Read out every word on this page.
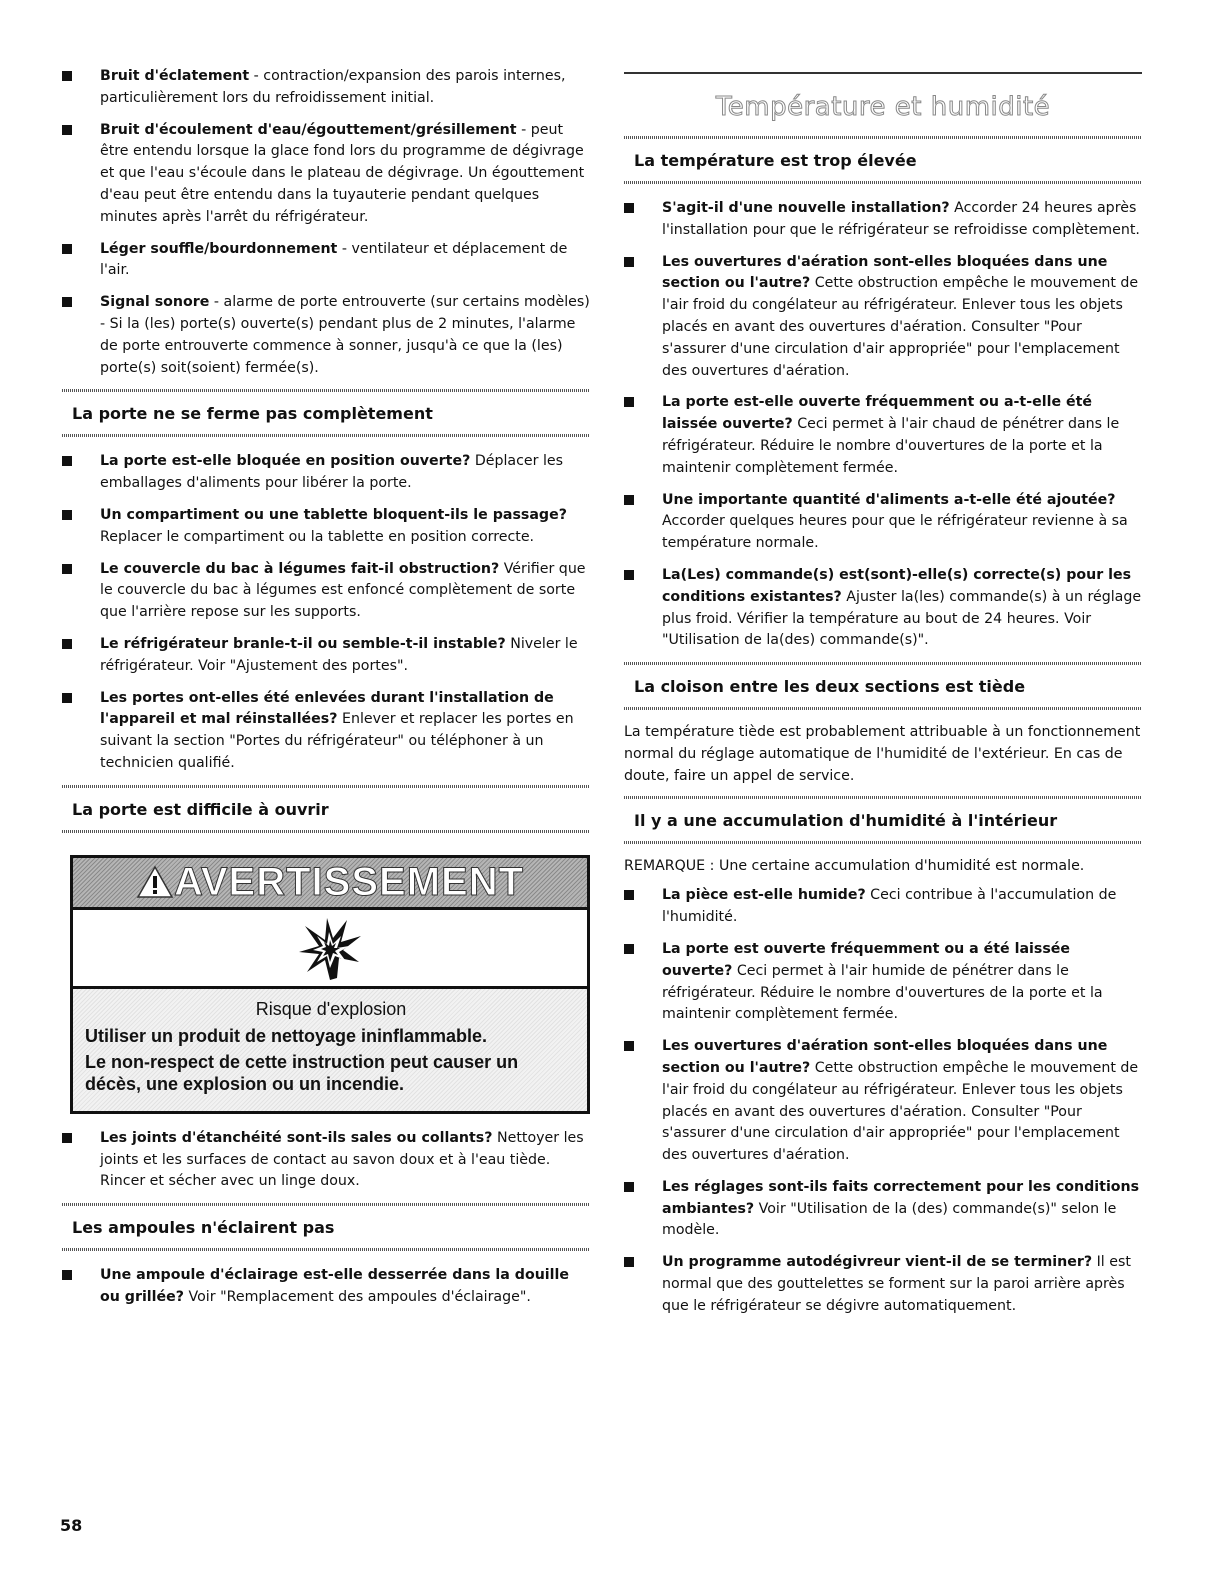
Bruit d'éclatement - contraction/expansion des parois internes, particulièrement lors du refroidissement initial.
Bruit d'écoulement d'eau/égouttement/grésillement - peut être entendu lorsque la glace fond lors du programme de dégivrage et que l'eau s'écoule dans le plateau de dégivrage. Un égouttement d'eau peut être entendu dans la tuyauterie pendant quelques minutes après l'arrêt du réfrigérateur.
Léger souffle/bourdonnement - ventilateur et déplacement de l'air.
Signal sonore - alarme de porte entrouverte (sur certains modèles) - Si la (les) porte(s) ouverte(s) pendant plus de 2 minutes, l'alarme de porte entrouverte commence à sonner, jusqu'à ce que la (les) porte(s) soit(soient) fermée(s).
La porte ne se ferme pas complètement
La porte est-elle bloquée en position ouverte? Déplacer les emballages d'aliments pour libérer la porte.
Un compartiment ou une tablette bloquent-ils le passage? Replacer le compartiment ou la tablette en position correcte.
Le couvercle du bac à légumes fait-il obstruction? Vérifier que le couvercle du bac à légumes est enfoncé complètement de sorte que l'arrière repose sur les supports.
Le réfrigérateur branle-t-il ou semble-t-il instable? Niveler le réfrigérateur. Voir "Ajustement des portes".
Les portes ont-elles été enlevées durant l'installation de l'appareil et mal réinstallées? Enlever et replacer les portes en suivant la section "Portes du réfrigérateur" ou téléphoner à un technicien qualifié.
La porte est difficile à ouvrir
AVERTISSEMENT
Risque d'explosion
Utiliser un produit de nettoyage ininflammable.
Le non-respect de cette instruction peut causer un décès, une explosion ou un incendie.
Les joints d'étanchéité sont-ils sales ou collants? Nettoyer les joints et les surfaces de contact au savon doux et à l'eau tiède. Rincer et sécher avec un linge doux.
Les ampoules n'éclairent pas
Une ampoule d'éclairage est-elle desserrée dans la douille ou grillée? Voir "Remplacement des ampoules d'éclairage".
Température et humidité
La température est trop élevée
S'agit-il d'une nouvelle installation? Accorder 24 heures après l'installation pour que le réfrigérateur se refroidisse complètement.
Les ouvertures d'aération sont-elles bloquées dans une section ou l'autre? Cette obstruction empêche le mouvement de l'air froid du congélateur au réfrigérateur. Enlever tous les objets placés en avant des ouvertures d'aération. Consulter "Pour s'assurer d'une circulation d'air appropriée" pour l'emplacement des ouvertures d'aération.
La porte est-elle ouverte fréquemment ou a-t-elle été laissée ouverte? Ceci permet à l'air chaud de pénétrer dans le réfrigérateur. Réduire le nombre d'ouvertures de la porte et la maintenir complètement fermée.
Une importante quantité d'aliments a-t-elle été ajoutée? Accorder quelques heures pour que le réfrigérateur revienne à sa température normale.
La(Les) commande(s) est(sont)-elle(s) correcte(s) pour les conditions existantes? Ajuster la(les) commande(s) à un réglage plus froid. Vérifier la température au bout de 24 heures. Voir "Utilisation de la(des) commande(s)".
La cloison entre les deux sections est tiède

La température tiède est probablement attribuable à un fonctionnement normal du réglage automatique de l'humidité de l'extérieur. En cas de doute, faire un appel de service.

Il y a une accumulation d'humidité à l'intérieur

REMARQUE : Une certaine accumulation d'humidité est normale.

La pièce est-elle humide? Ceci contribue à l'accumulation de l'humidité.
La porte est ouverte fréquemment ou a été laissée ouverte? Ceci permet à l'air humide de pénétrer dans le réfrigérateur. Réduire le nombre d'ouvertures de la porte et la maintenir complètement fermée.
Les ouvertures d'aération sont-elles bloquées dans une section ou l'autre? Cette obstruction empêche le mouvement de l'air froid du congélateur au réfrigérateur. Enlever tous les objets placés en avant des ouvertures d'aération. Consulter "Pour s'assurer d'une circulation d'air appropriée" pour l'emplacement des ouvertures d'aération.
Les réglages sont-ils faits correctement pour les conditions ambiantes? Voir "Utilisation de la (des) commande(s)" selon le modèle.
Un programme autodégivreur vient-il de se terminer? Il est normal que des gouttelettes se forment sur la paroi arrière après que le réfrigérateur se dégivre automatiquement.
58
